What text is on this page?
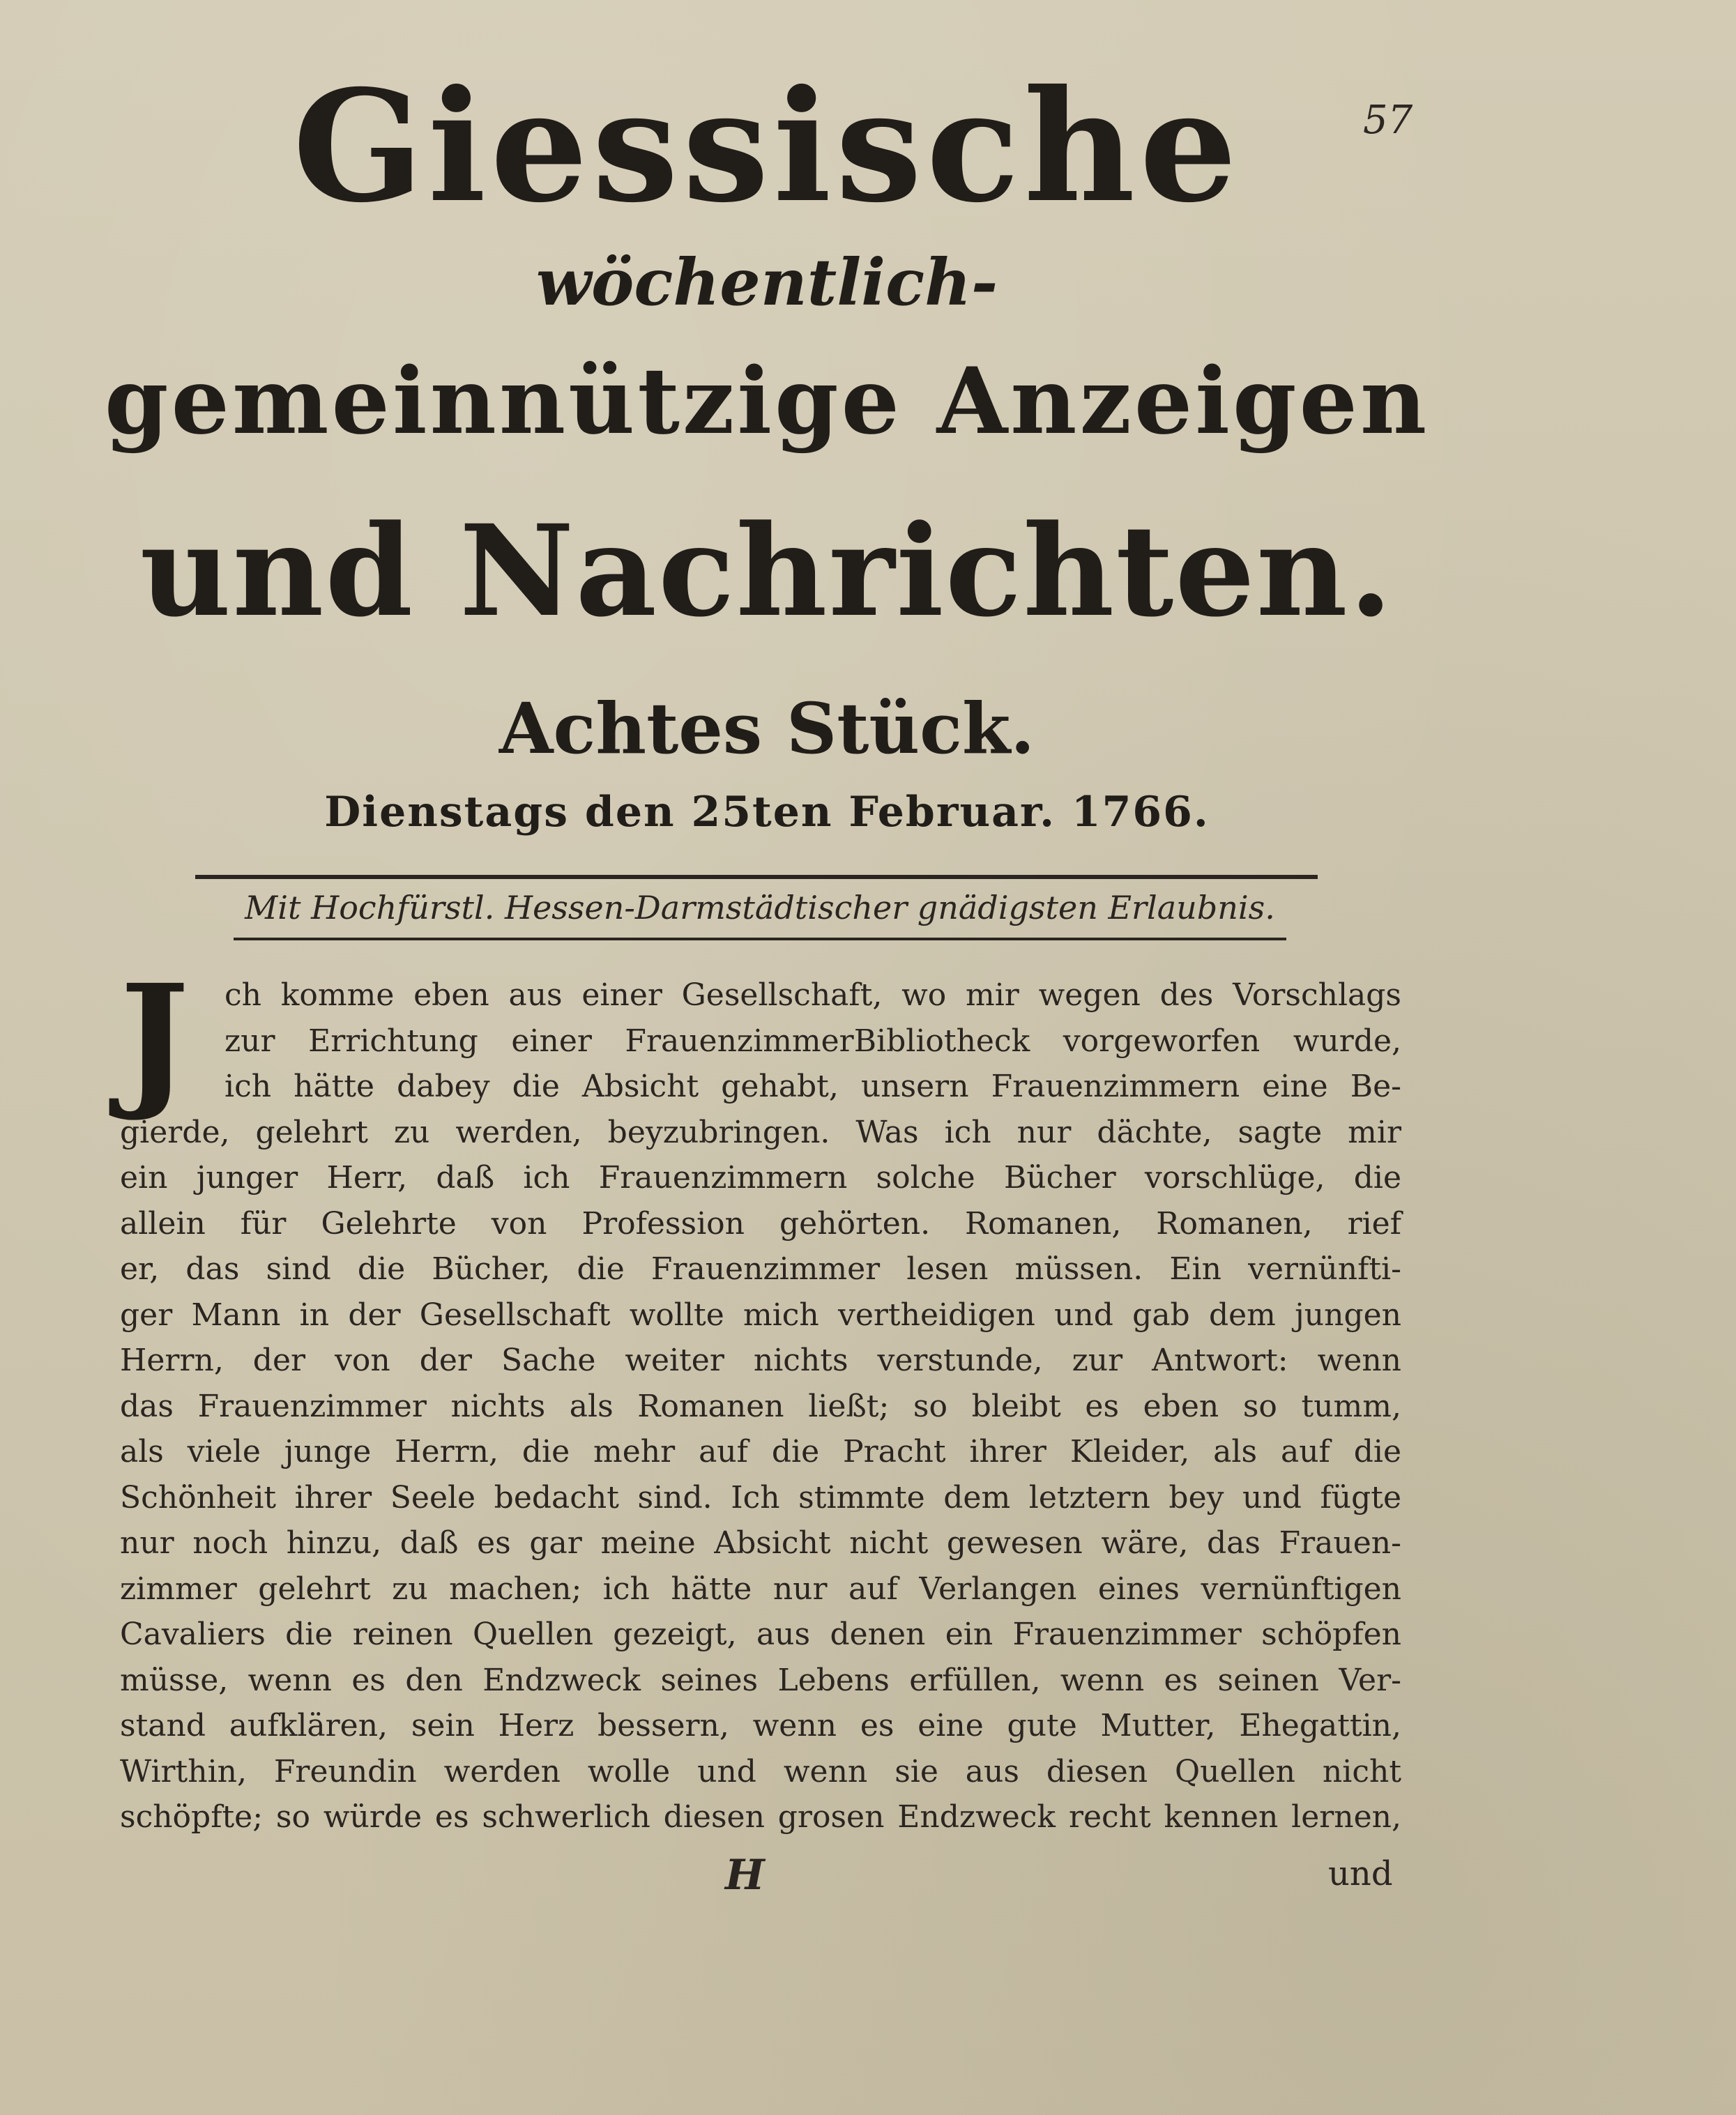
57
Giessische
wöchentlich-
gemeinnützige Anzeigen
und Nachrichten.
Achtes Stück.
Dienstags den 25ten Februar. 1766.
Mit Hochfürstl. Hessen-Darmstädtischer gnädigsten Erlaubnis.
J	ch komme eben aus einer Gesellschaft, wo mir wegen des Vorschlags
zur Errichtung einer FrauenzimmerBibliotheck vorgeworfen wurde,
ich hätte dabey die Absicht gehabt, unsern Frauenzimmern eine Be-
gierde, gelehrt zu werden, beyzubringen. Was ich nur dächte, sagte mir
ein junger Herr, daß ich Frauenzimmern solche Bücher vorschlüge, die
allein für Gelehrte von Profession gehörten. Romanen, Romanen, rief
er, das sind die Bücher, die Frauenzimmer lesen müssen. Ein vernünfti-
ger Mann in der Gesellschaft wollte mich vertheidigen und gab dem jungen
Herrn, der von der Sache weiter nichts verstunde, zur Antwort: wenn
das Frauenzimmer nichts als Romanen ließt; so bleibt es eben so tumm,
als viele junge Herrn, die mehr auf die Pracht ihrer Kleider, als auf die
Schönheit ihrer Seele bedacht sind. Ich stimmte dem letztern bey und fügte
nur noch hinzu, daß es gar meine Absicht nicht gewesen wäre, das Frauen-
zimmer gelehrt zu machen; ich hätte nur auf Verlangen eines vernünftigen
Cavaliers die reinen Quellen gezeigt, aus denen ein Frauenzimmer schöpfen
müsse, wenn es den Endzweck seines Lebens erfüllen, wenn es seinen Ver-
stand aufklären, sein Herz bessern, wenn es eine gute Mutter, Ehegattin,
Wirthin, Freundin werden wolle und wenn sie aus diesen Quellen nicht
schöpfte; so würde es schwerlich diesen grosen Endzweck recht kennen lernen,
H	und
